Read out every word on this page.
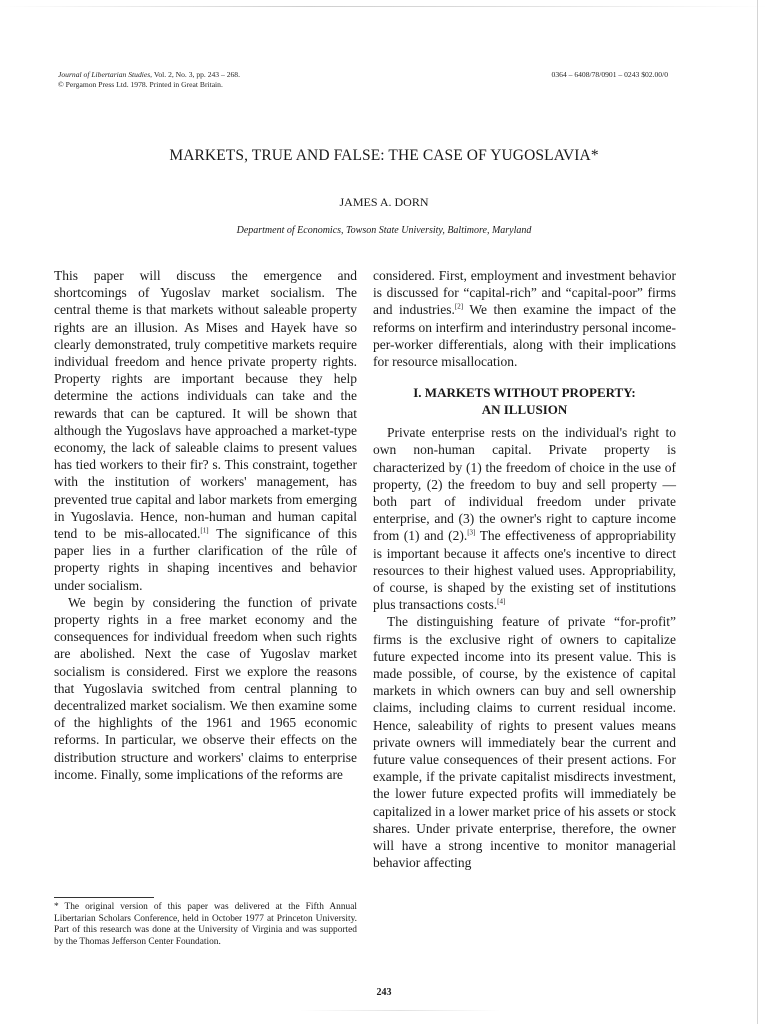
Journal of Libertarian Studies, Vol. 2, No. 3, pp. 243 – 268.
© Pergamon Press Ltd. 1978. Printed in Great Britain.
0364 – 6408/78/0901 – 0243 $02.00/0
MARKETS, TRUE AND FALSE: THE CASE OF YUGOSLAVIA*
JAMES A. DORN
Department of Economics, Towson State University, Baltimore, Maryland

This paper will discuss the emergence and shortcomings of Yugoslav market socialism. The central theme is that markets without saleable property rights are an illusion. As Mises and Hayek have so clearly demonstrated, truly competitive markets require individual freedom and hence private property rights. Property rights are important because they help determine the actions individuals can take and the rewards that can be captured. It will be shown that although the Yugoslavs have approached a market-type economy, the lack of saleable claims to present values has tied workers to their fir? s. This constraint, together with the institution of workers' management, has prevented true capital and labor markets from emerging in Yugoslavia. Hence, non-human and human capital tend to be mis-allocated.[1] The significance of this paper lies in a further clarification of the rûle of property rights in shaping incentives and behavior under socialism.

We begin by considering the function of private property rights in a free market economy and the consequences for individual freedom when such rights are abolished. Next the case of Yugoslav market socialism is considered. First we explore the reasons that Yugoslavia switched from central planning to decentralized market socialism. We then examine some of the highlights of the 1961 and 1965 economic reforms. In particular, we observe their effects on the distribution structure and workers' claims to enterprise income. Finally, some implications of the reforms are

considered. First, employment and investment behavior is discussed for “capital-rich” and “capital-poor” firms and industries.[2] We then examine the impact of the reforms on interfirm and interindustry personal income-per-worker differentials, along with their implications for resource misallocation.

I. MARKETS WITHOUT PROPERTY:
AN ILLUSION

Private enterprise rests on the individual's right to own non-human capital. Private property is characterized by (1) the freedom of choice in the use of property, (2) the freedom to buy and sell property — both part of individual freedom under private enterprise, and (3) the owner's right to capture income from (1) and (2).[3] The effectiveness of appropriability is important because it affects one's incentive to direct resources to their highest valued uses. Appropriability, of course, is shaped by the existing set of institutions plus transactions costs.[4]

The distinguishing feature of private “for-profit” firms is the exclusive right of owners to capitalize future expected income into its present value. This is made possible, of course, by the existence of capital markets in which owners can buy and sell ownership claims, including claims to current residual income. Hence, saleability of rights to present values means private owners will immediately bear the current and future value consequences of their present actions. For example, if the private capitalist misdirects investment, the lower future expected profits will immediately be capitalized in a lower market price of his assets or stock shares. Under private enterprise, therefore, the owner will have a strong incentive to monitor managerial behavior affecting

* The original version of this paper was delivered at the Fifth Annual Libertarian Scholars Conference, held in October 1977 at Princeton University. Part of this research was done at the University of Virginia and was supported by the Thomas Jefferson Center Foundation.
243
